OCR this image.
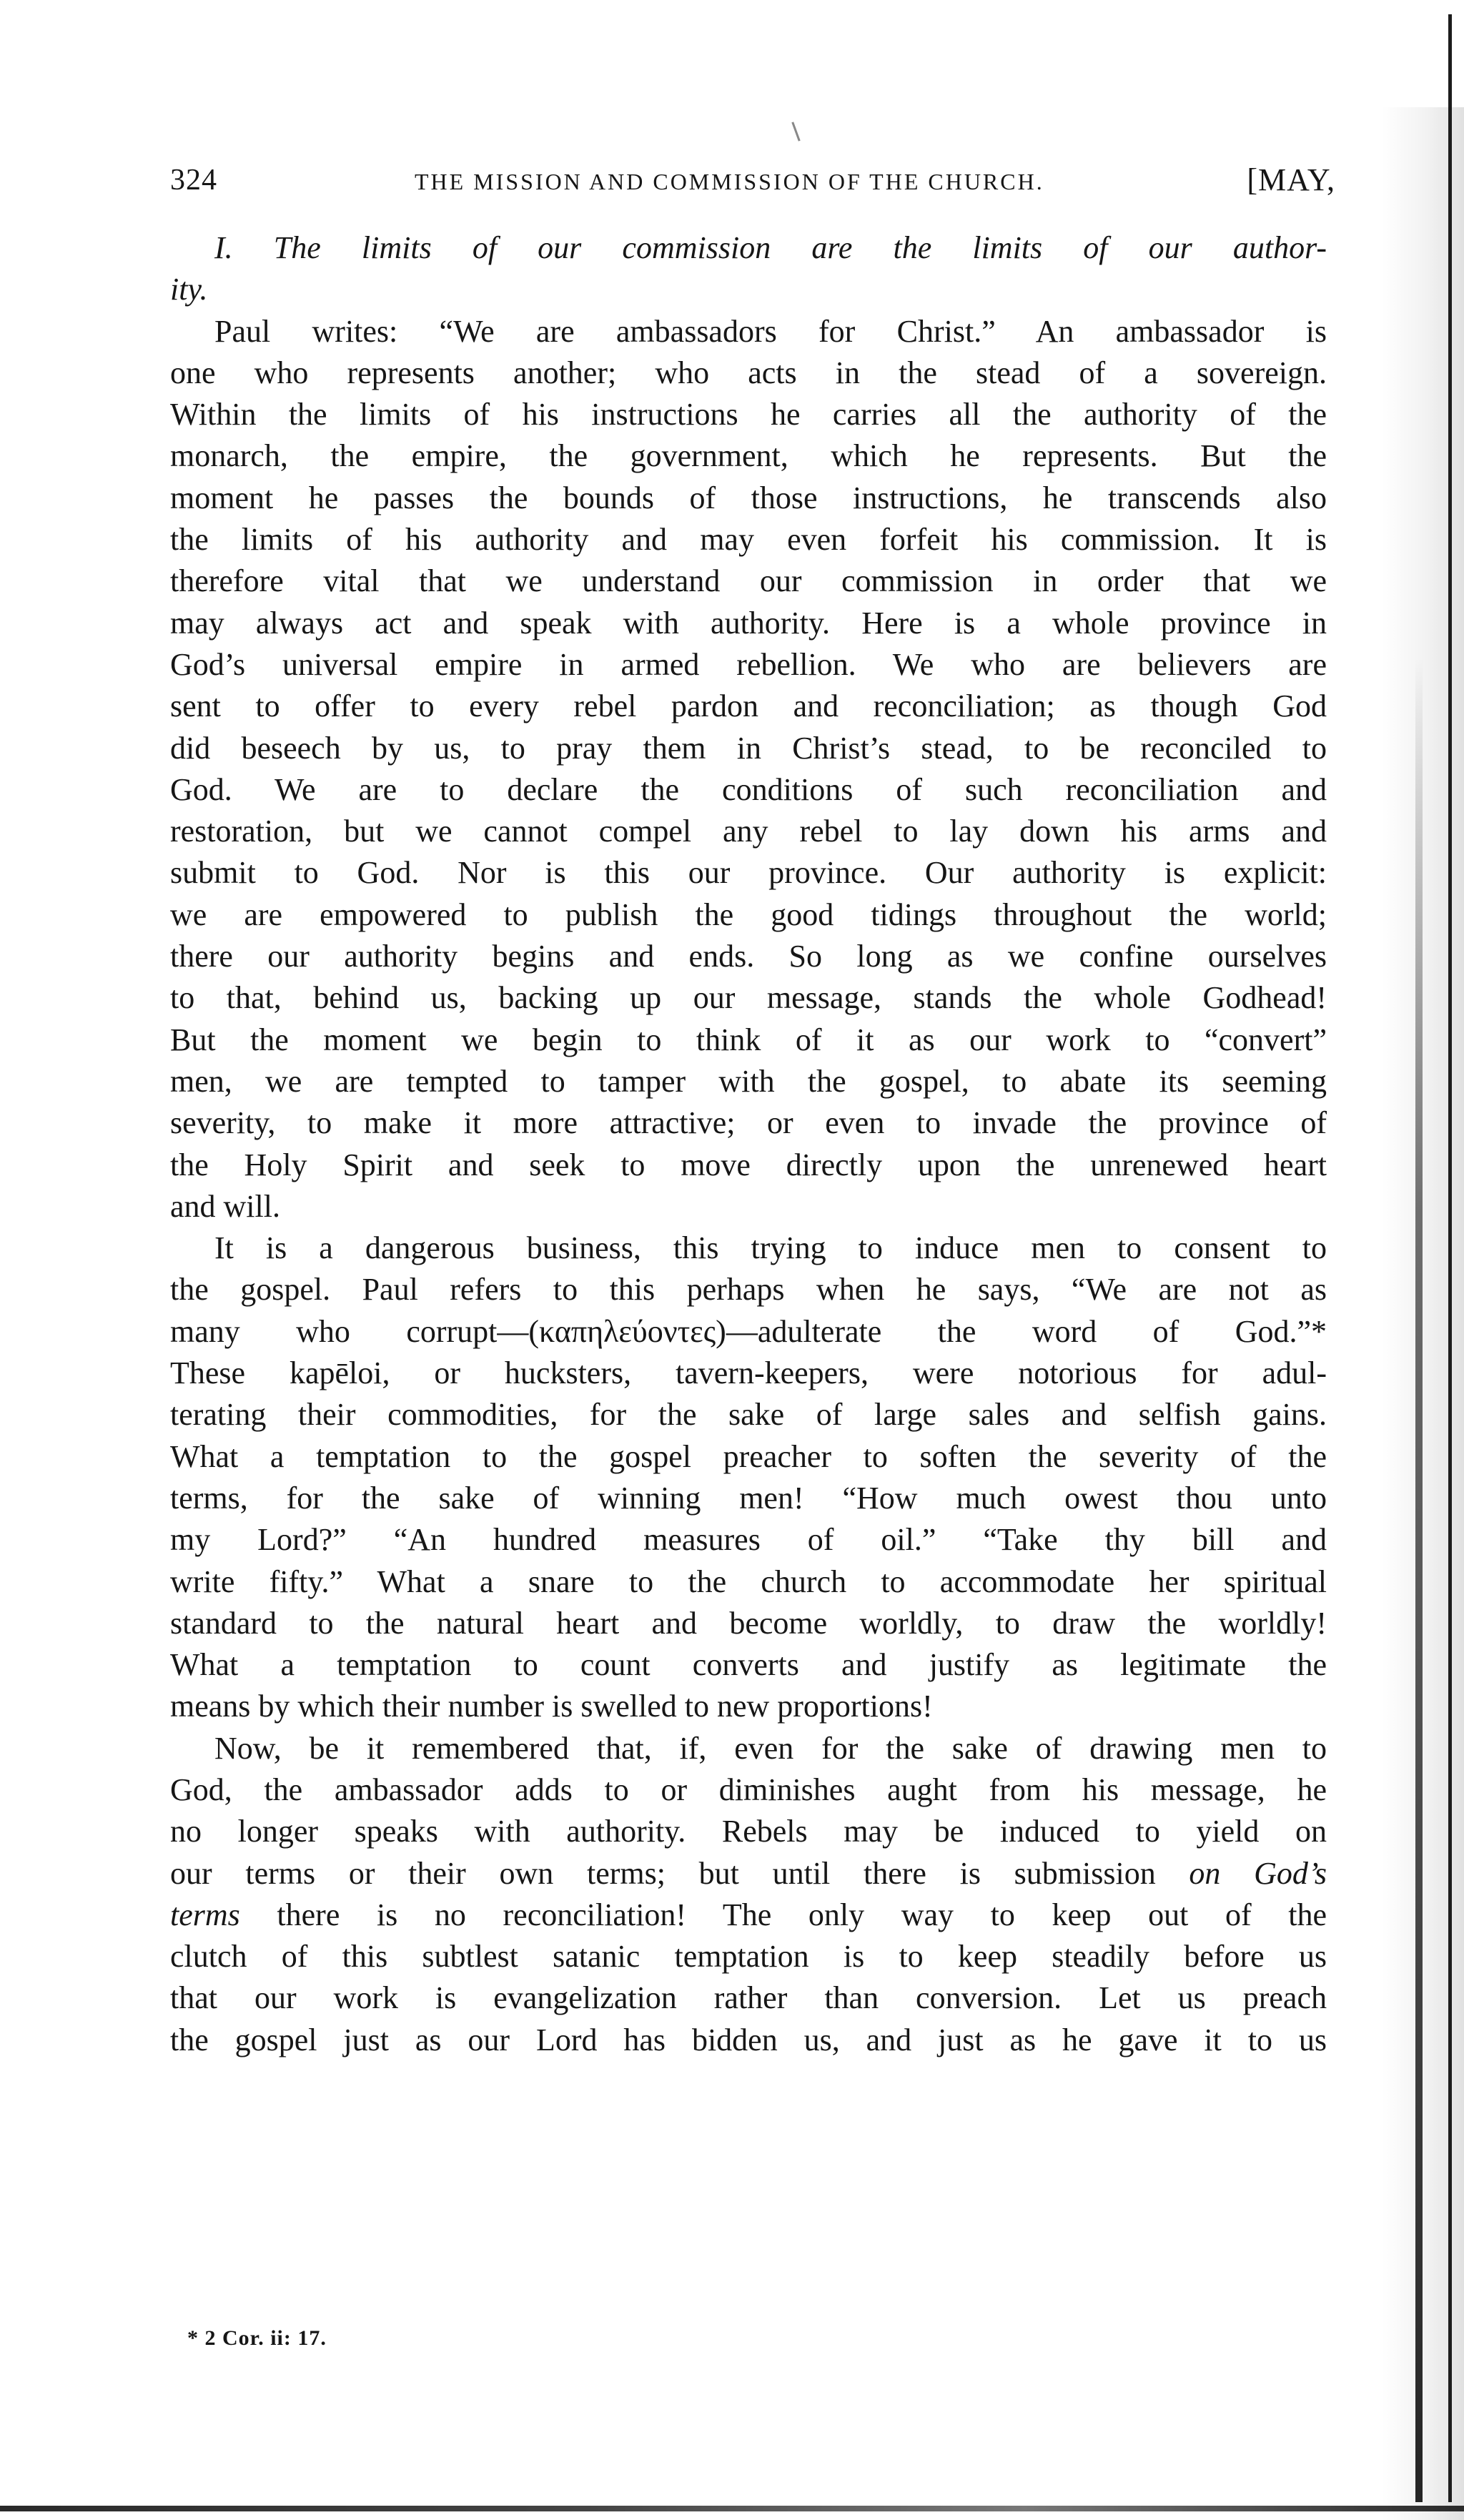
324	THE MISSION AND COMMISSION OF THE CHURCH.	[MAY,
I. The limits of our commission are the limits of our author-
ity.
Paul writes: “We are ambassadors for Christ.” An ambassador is
one who represents another; who acts in the stead of a sovereign.
Within the limits of his instructions he carries all the authority of the
monarch, the empire, the government, which he represents. But the
moment he passes the bounds of those instructions, he transcends also
the limits of his authority and may even forfeit his commission. It is
therefore vital that we understand our commission in order that we
may always act and speak with authority. Here is a whole province in
God’s universal empire in armed rebellion. We who are believers are
sent to offer to every rebel pardon and reconciliation; as though God
did beseech by us, to pray them in Christ’s stead, to be reconciled to
God. We are to declare the conditions of such reconciliation and
restoration, but we cannot compel any rebel to lay down his arms and
submit to God. Nor is this our province. Our authority is explicit:
we are empowered to publish the good tidings throughout the world;
there our authority begins and ends. So long as we confine ourselves
to that, behind us, backing up our message, stands the whole Godhead!
But the moment we begin to think of it as our work to “convert”
men, we are tempted to tamper with the gospel, to abate its seeming
severity, to make it more attractive; or even to invade the province of
the Holy Spirit and seek to move directly upon the unrenewed heart
and will.
It is a dangerous business, this trying to induce men to consent to
the gospel. Paul refers to this perhaps when he says, “We are not as
many who corrupt—(καπηλεύοντες)—adulterate the word of God.”*
These kapēloi, or hucksters, tavern-keepers, were notorious for adul-
terating their commodities, for the sake of large sales and selfish gains.
What a temptation to the gospel preacher to soften the severity of the
terms, for the sake of winning men! “How much owest thou unto
my Lord?” “An hundred measures of oil.” “Take thy bill and
write fifty.” What a snare to the church to accommodate her spiritual
standard to the natural heart and become worldly, to draw the worldly!
What a temptation to count converts and justify as legitimate the
means by which their number is swelled to new proportions!
Now, be it remembered that, if, even for the sake of drawing men to
God, the ambassador adds to or diminishes aught from his message, he
no longer speaks with authority. Rebels may be induced to yield on
our terms or their own terms; but until there is submission on God’s
terms there is no reconciliation! The only way to keep out of the
clutch of this subtlest satanic temptation is to keep steadily before us
that our work is evangelization rather than conversion. Let us preach
the gospel just as our Lord has bidden us, and just as he gave it to us
* 2 Cor. ii: 17.
